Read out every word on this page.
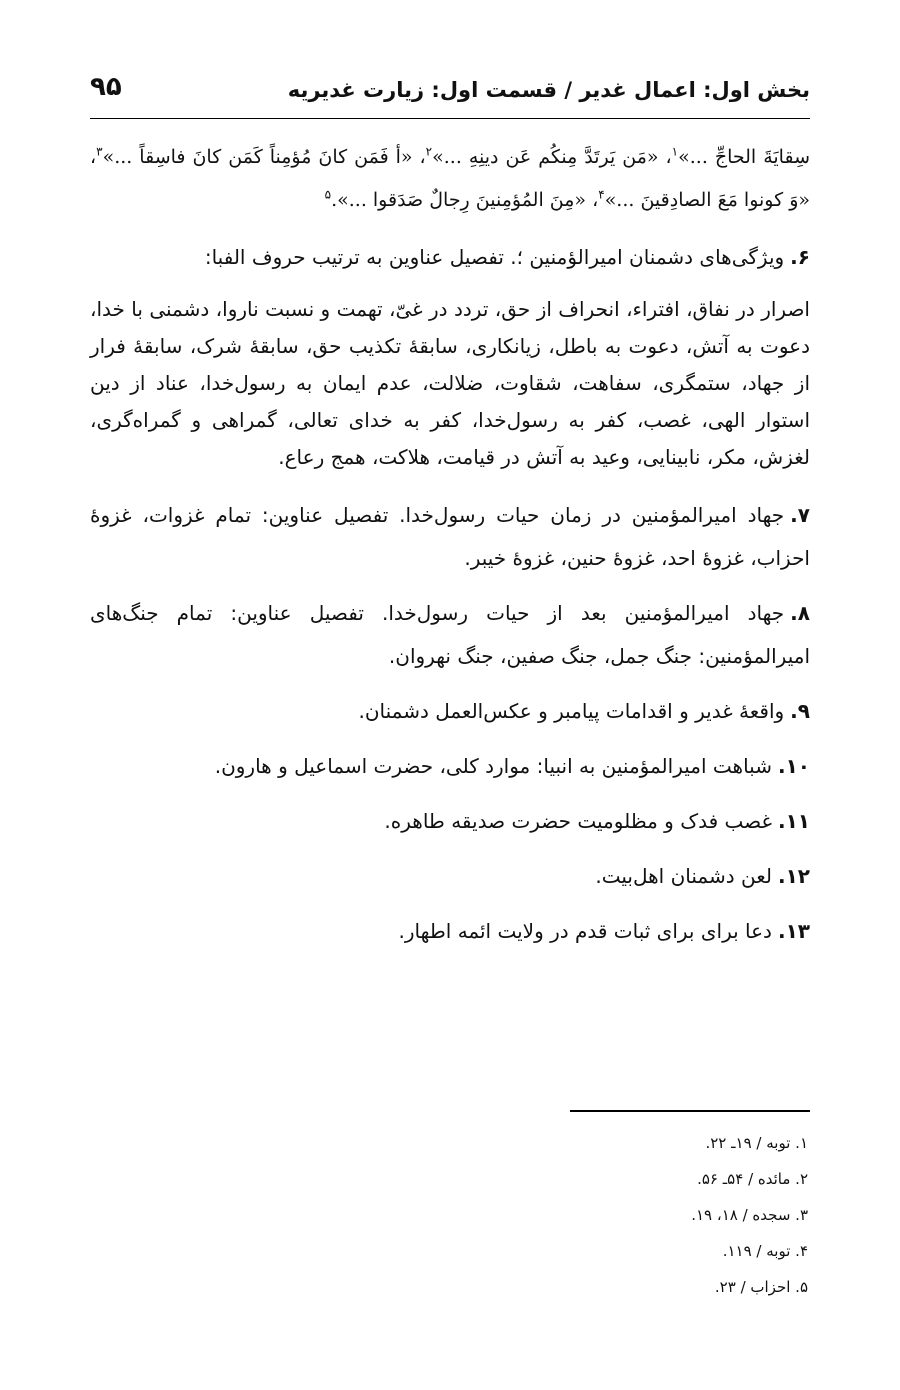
بخش اول: اعمال غدیر / قسمت اول: زیارت غدیریه
۹۵

سِقايَةَ الحاجِّ ...»$^۱$، «مَن يَرتَدَّ مِنكُم عَن دينِهِ ...»$^۲$، «أ فَمَن كانَ مُؤمِناً كَمَن كانَ فاسِقاً ...»$^۳$، «وَ كونوا مَعَ الصادِقينَ ...»$^۴$، «مِنَ المُؤمِنينَ رِجالٌ صَدَقوا ...».$^۵$

۶.ویژگی‌های دشمنان امیرالؤمنین ؛. تفصیل عناوین به ترتیب حروف الفبا:

اصرار در نفاق، افتراء، انحراف از حق، تردد در غیّ، تهمت و نسبت ناروا، دشمنی با خدا، دعوت به آتش، دعوت به باطل، زیانکاری، سابقۀ تکذیب حق، سابقۀ شرک، سابقۀ فرار از جهاد، ستمگری، سفاهت، شقاوت، ضلالت، عدم ایمان به رسول‌خدا، عناد از دین استوار الهی، غصب، کفر به رسول‌خدا، کفر به خدای تعالی، گمراهی و گمراه‌گری، لغزش، مکر، نابینایی، وعید به آتش در قیامت، هلاکت، همج رعاع.

۷.جهاد امیرالمؤمنین در زمان حیات رسول‌خدا. تفصیل عناوین: تمام غزوات، غزوۀ احزاب، غزوۀ احد، غزوۀ حنین، غزوۀ خیبر.

۸.جهاد امیرالمؤمنین بعد از حیات رسول‌خدا. تفصیل عناوین: تمام جنگ‌های امیرالمؤمنین: جنگ جمل، جنگ صفین، جنگ نهروان.

۹.واقعۀ غدیر و اقدامات پیامبر و عکس‌العمل دشمنان.

۱۰.شباهت امیرالمؤمنین به انبیا: موارد کلی، حضرت اسماعیل و هارون.

۱۱.غصب فدک و مظلومیت حضرت صدیقه طاهره.

۱۲.لعن دشمنان اهل‌بیت.

۱۳.دعا برای برای ثبات قدم در ولایت ائمه اطهار.

۱. توبه / ۱۹ـ ۲۲.
۲. مائده / ۵۴ـ ۵۶.
۳. سجده / ۱۸، ۱۹.
۴. توبه / ۱۱۹.
۵. احزاب / ۲۳.
